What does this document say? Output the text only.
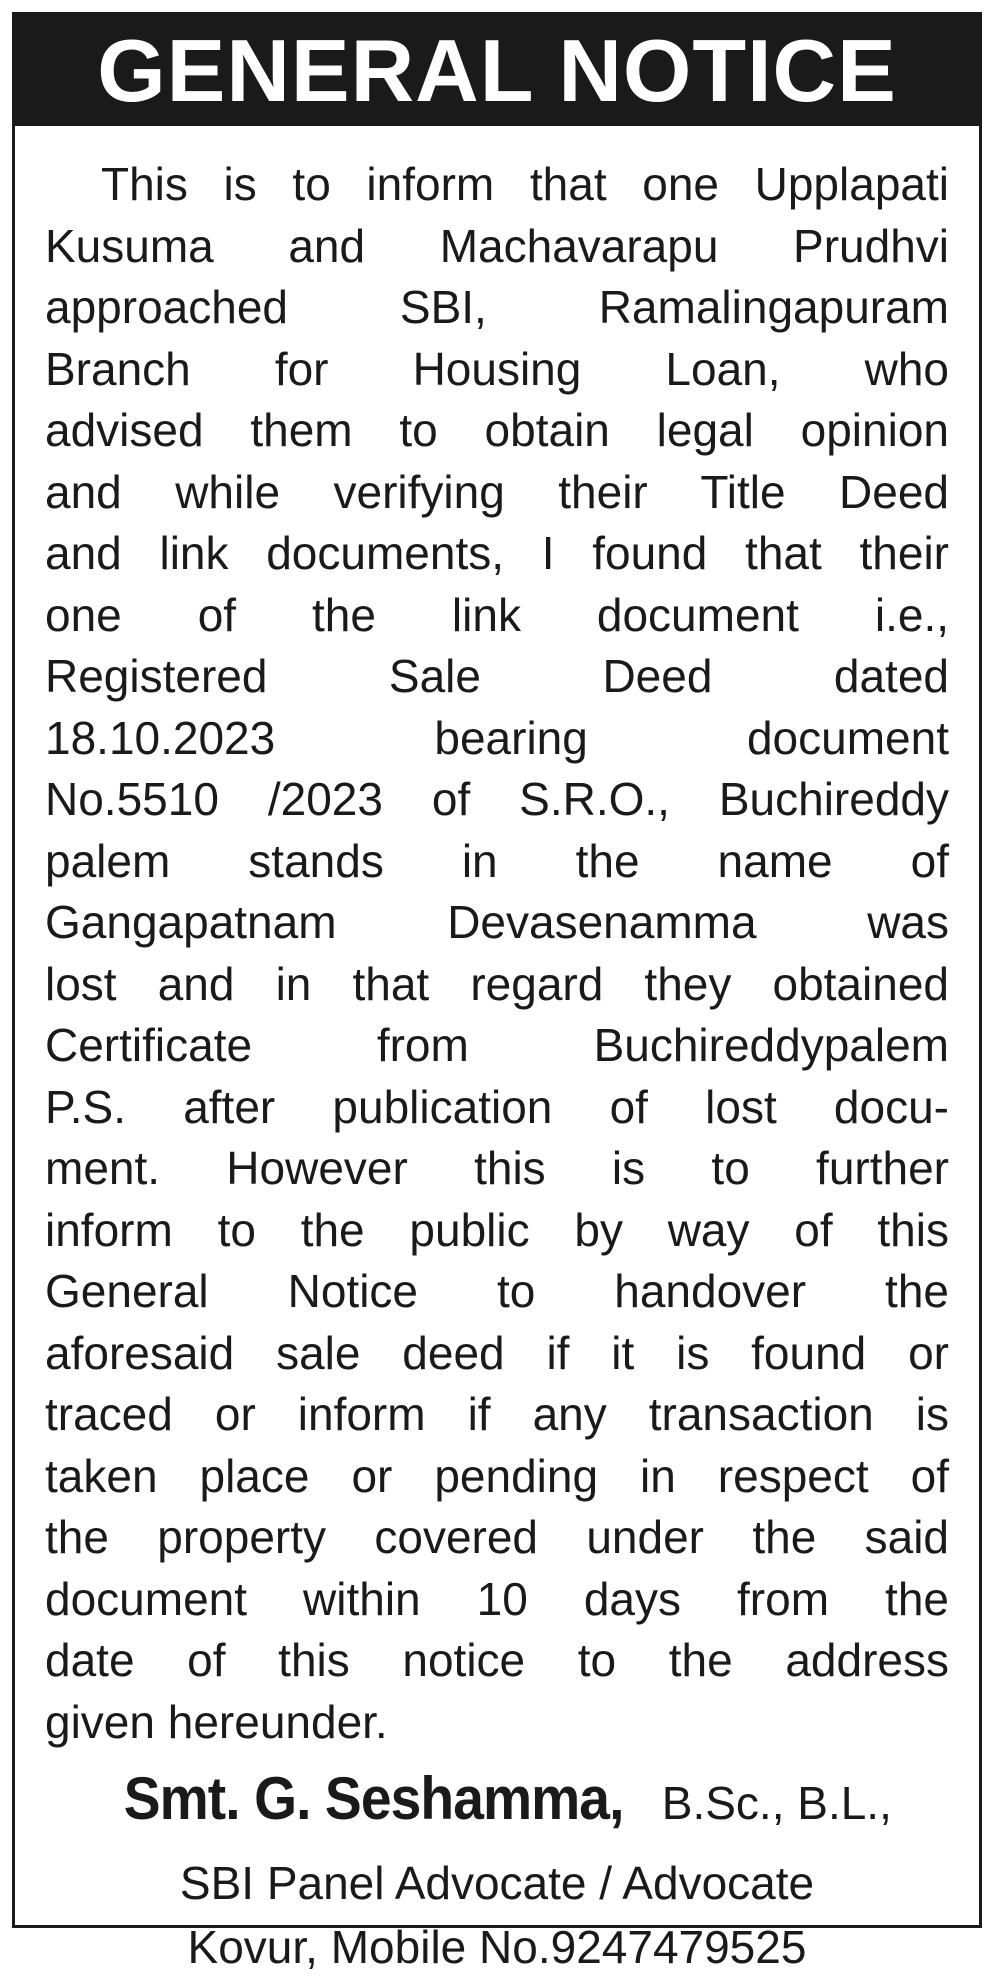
GENERAL NOTICE
This is to inform that one Upplapati
Kusuma and Machavarapu Prudhvi
approached SBI, Ramalingapuram
Branch for Housing Loan, who
advised them to obtain legal opinion
and while verifying their Title Deed
and link documents, I found that their
one of the link document i.e.,
Registered Sale Deed dated
18.10.2023 bearing document
No.5510 /2023 of S.R.O., Buchireddy
palem stands in the name of
Gangapatnam Devasenamma was
lost and in that regard they obtained
Certificate from Buchireddypalem
P.S. after publication of lost docu-
ment. However this is to further
inform to the public by way of this
General Notice to handover the
aforesaid sale deed if it is found or
traced or inform if any transaction is
taken place or pending in respect of
the property covered under the said
document within 10 days from the
date of this notice to the address
given hereunder.
Smt. G. Seshamma, B.Sc., B.L.,
SBI Panel Advocate / Advocate
Kovur, Mobile No.9247479525
